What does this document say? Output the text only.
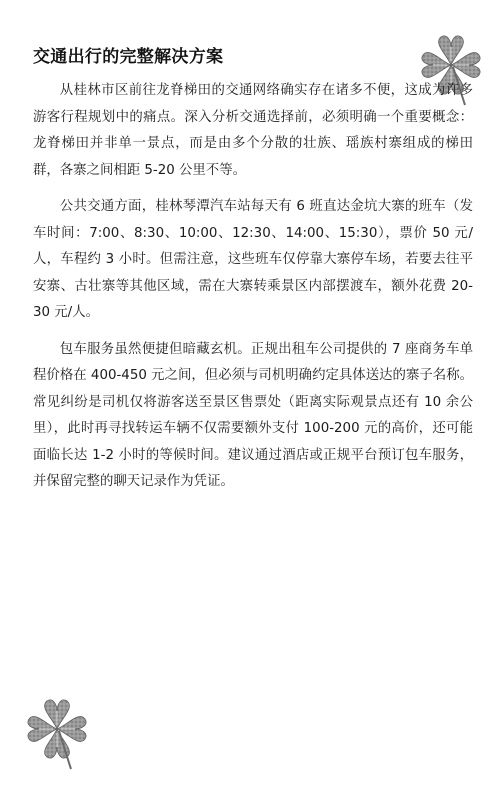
交通出行的完整解决方案

从桂林市区前往龙脊梯田的交通网络确实存在诸多不便，这成为许多游客行程规划中的痛点。深入分析交通选择前，必须明确一个重要概念：龙脊梯田并非单一景点，而是由多个分散的壮族、瑶族村寨组成的梯田群，各寨之间相距 5-20 公里不等。

公共交通方面，桂林琴潭汽车站每天有 6 班直达金坑大寨的班车（发车时间：7:00、8:30、10:00、12:30、14:00、15:30），票价 50 元/人，车程约 3 小时。但需注意，这些班车仅停靠大寨停车场，若要去往平安寨、古壮寨等其他区域，需在大寨转乘景区内部摆渡车，额外花费 20-30 元/人。

包车服务虽然便捷但暗藏玄机。正规出租车公司提供的 7 座商务车单程价格在 400-450 元之间，但必须与司机明确约定具体送达的寨子名称。常见纠纷是司机仅将游客送至景区售票处（距离实际观景点还有 10 余公里），此时再寻找转运车辆不仅需要额外支付 100-200 元的高价，还可能面临长达 1-2 小时的等候时间。建议通过酒店或正规平台预订包车服务，并保留完整的聊天记录作为凭证。
